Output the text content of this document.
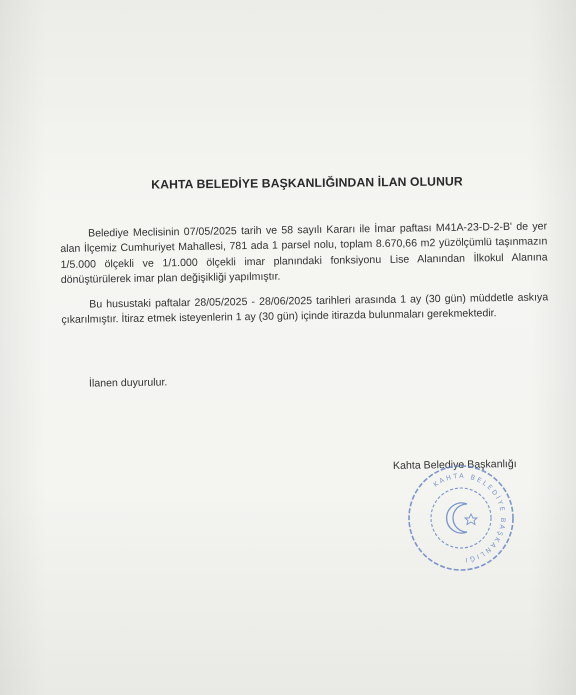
KAHTA BELEDİYE BAŞKANLIĞINDAN İLAN OLUNUR

Belediye Meclisinin 07/05/2025 tarih ve 58 sayılı Kararı ile İmar paftası M41A-23-D-2-B' de yer alan İlçemiz Cumhuriyet Mahallesi, 781 ada 1 parsel nolu, toplam 8.670,66 m2 yüzölçümlü taşınmazın 1/5.000 ölçekli ve 1/1.000 ölçekli imar planındaki fonksiyonu Lise Alanından İlkokul Alanına dönüştürülerek imar plan değişikliği yapılmıştır.

Bu husustaki paftalar 28/05/2025 - 28/06/2025 tarihleri arasında 1 ay (30 gün) müddetle askıya çıkarılmıştır. İtiraz etmek isteyenlerin 1 ay (30 gün) içinde itirazda bulunmaları gerekmektedir.

İlanen duyurulur.
Kahta Belediye Başkanlığı
KAHTA BELEDİYE BAŞKANLIĞI
